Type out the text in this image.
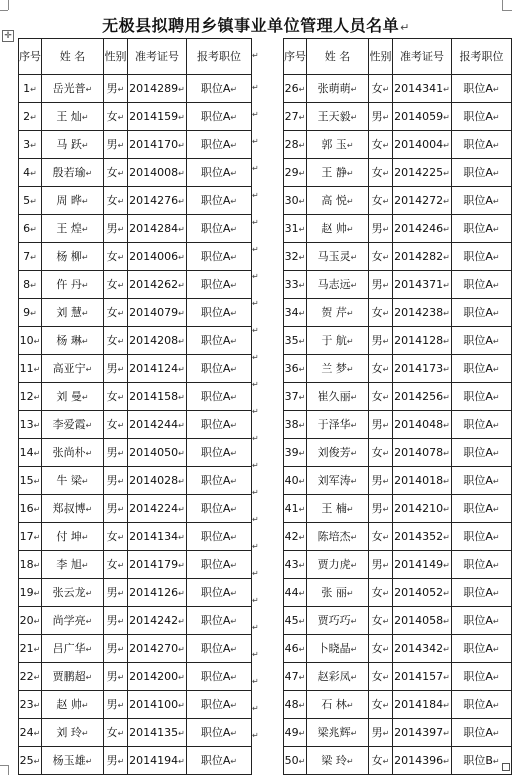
无极县拟聘用乡镇事业单位管理人员名单↵
✛
↵
↵
↵
↵
↵
↵
↵
↵
↵
↵
↵
↵
↵
↵
↵
↵
↵
↵
↵
↵
↵
↵
↵
↵
↵
↵
序号	姓 名	性别	准考证号	报考职位
1↵	岳光普↵	男↵	2014289↵	职位A↵
2↵	王 灿↵	女↵	2014159↵	职位A↵
3↵	马 跃↵	男↵	2014170↵	职位A↵
4↵	殷若瑜↵	女↵	2014008↵	职位A↵
5↵	周 晔↵	女↵	2014276↵	职位A↵
6↵	王 煌↵	男↵	2014284↵	职位A↵
7↵	杨 柳↵	女↵	2014006↵	职位A↵
8↵	仵 丹↵	女↵	2014262↵	职位A↵
9↵	刘 慧↵	女↵	2014079↵	职位A↵
10↵	杨 琳↵	女↵	2014208↵	职位A↵
11↵	高亚宁↵	男↵	2014124↵	职位A↵
12↵	刘 曼↵	女↵	2014158↵	职位A↵
13↵	李爱霞↵	女↵	2014244↵	职位A↵
14↵	张尚朴↵	男↵	2014050↵	职位A↵
15↵	牛 梁↵	男↵	2014028↵	职位A↵
16↵	郑叔博↵	男↵	2014224↵	职位A↵
17↵	付 坤↵	女↵	2014134↵	职位A↵
18↵	李 旭↵	女↵	2014179↵	职位A↵
19↵	张云龙↵	男↵	2014126↵	职位A↵
20↵	尚学亮↵	男↵	2014242↵	职位A↵
21↵	吕广华↵	男↵	2014270↵	职位A↵
22↵	贾鹏超↵	男↵	2014200↵	职位A↵
23↵	赵 帅↵	男↵	2014100↵	职位A↵
24↵	刘 玲↵	女↵	2014135↵	职位A↵
25↵	杨玉雄↵	男↵	2014194↵	职位A↵
序号	姓 名	性别	准考证号	报考职位
26↵	张萌萌↵	女↵	2014341↵	职位A↵
27↵	王天毅↵	男↵	2014059↵	职位A↵
28↵	郭 玉↵	女↵	2014004↵	职位A↵
29↵	王 静↵	女↵	2014225↵	职位A↵
30↵	高 悦↵	女↵	2014272↵	职位A↵
31↵	赵 帅↵	男↵	2014246↵	职位A↵
32↵	马玉灵↵	女↵	2014282↵	职位A↵
33↵	马志远↵	男↵	2014371↵	职位A↵
34↵	贺 芹↵	女↵	2014238↵	职位A↵
35↵	于 航↵	男↵	2014128↵	职位A↵
36↵	兰 梦↵	女↵	2014173↵	职位A↵
37↵	崔久丽↵	女↵	2014256↵	职位A↵
38↵	于泽华↵	男↵	2014048↵	职位A↵
39↵	刘俊芳↵	女↵	2014078↵	职位A↵
40↵	刘军涛↵	男↵	2014018↵	职位A↵
41↵	王 楠↵	男↵	2014210↵	职位A↵
42↵	陈培杰↵	女↵	2014352↵	职位A↵
43↵	贾力虎↵	男↵	2014149↵	职位A↵
44↵	张 丽↵	女↵	2014052↵	职位A↵
45↵	贾巧巧↵	女↵	2014058↵	职位A↵
46↵	卜晓晶↵	女↵	2014342↵	职位A↵
47↵	赵彩凤↵	女↵	2014157↵	职位A↵
48↵	石 林↵	女↵	2014184↵	职位A↵
49↵	梁兆辉↵	男↵	2014397↵	职位A↵
50↵	梁 玲↵	女↵	2014396↵	职位B↵
